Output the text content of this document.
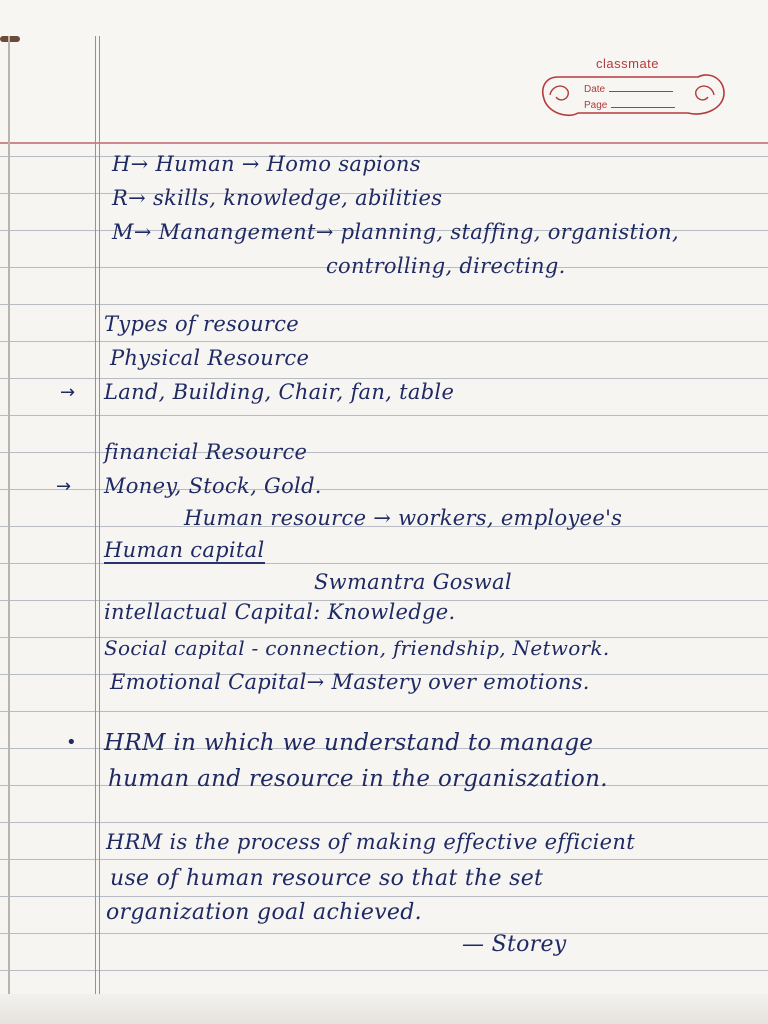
classmate
Date
Page
H→ Human → Homo sapions
R→ skills, knowledge, abilities
M→ Manangement→ planning, staffing, organistion,
controlling, directing.
Types of resource
Physical Resource
→ Land, Building, Chair, fan, table
financial Resource
→ Money, Stock, Gold.
Human resource → workers, employee's
Human capital
Swmantra Goswal
intellactual Capital: Knowledge.
Social capital - connection, friendship, Network.
Emotional Capital→ Mastery over emotions.
• HRM in which we understand to manage
human and resource in the organiszation.
HRM is the process of making effective efficient
use of human resource so that the set
organization goal achieved.
— Storey
